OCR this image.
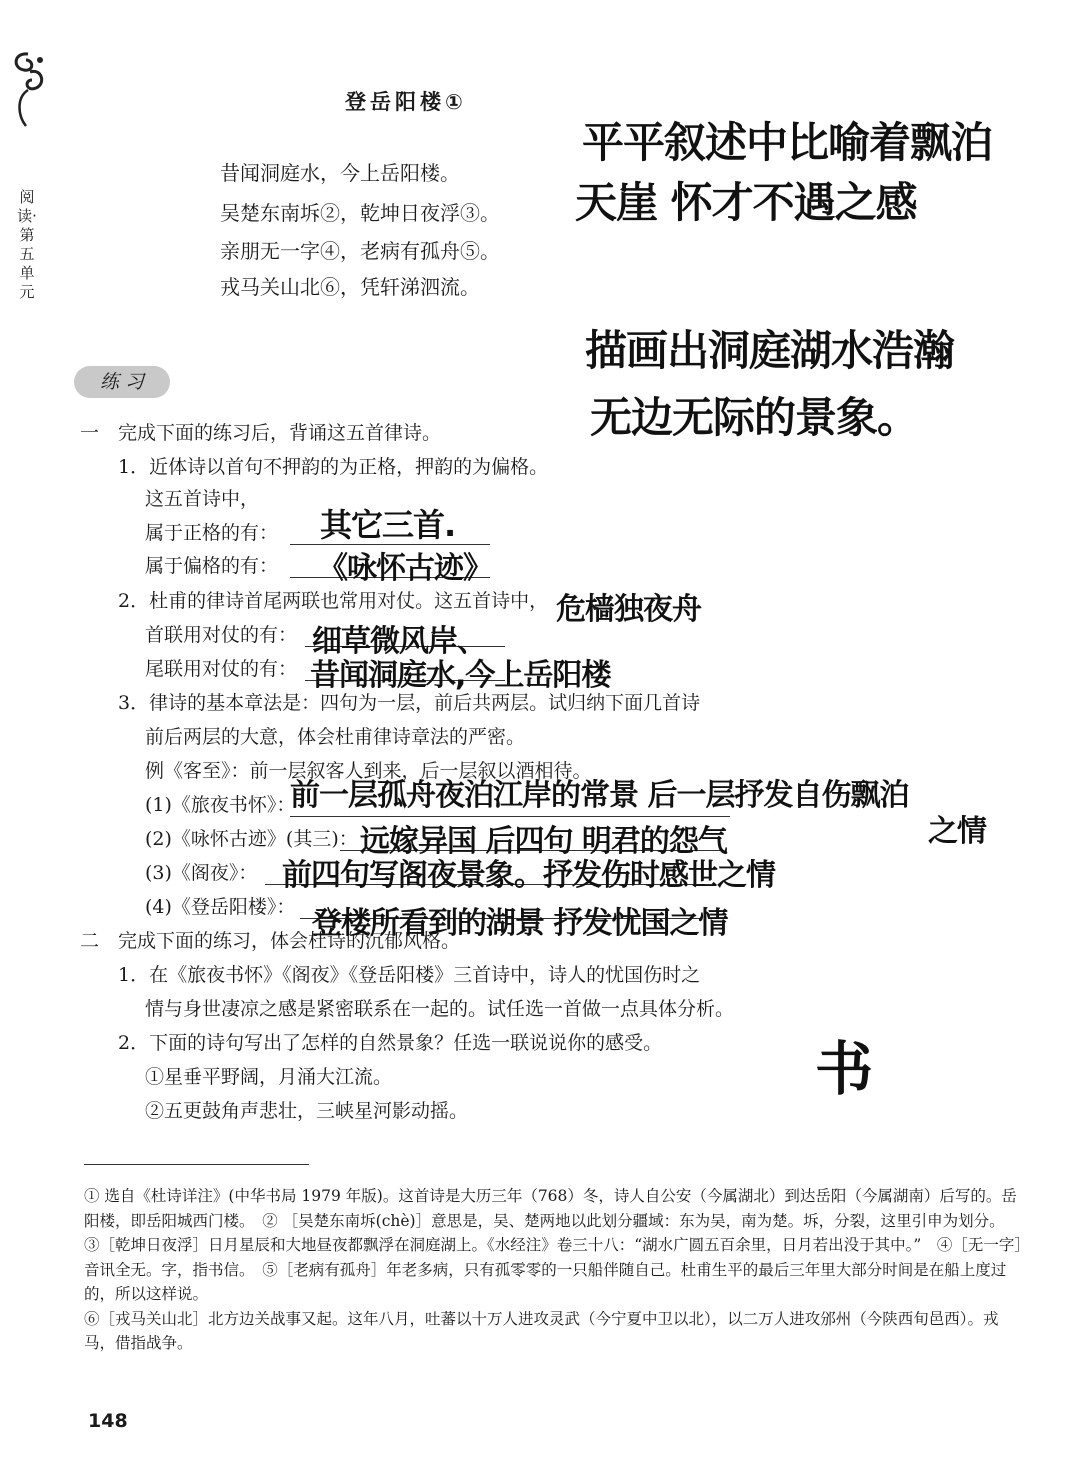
阅读·第五单元
登岳阳楼①
昔闻洞庭水，今上岳阳楼。
吴楚东南坼②，乾坤日夜浮③。
亲朋无一字④，老病有孤舟⑤。
戎马关山北⑥，凭轩涕泗流。
练 习
一　完成下面的练习后，背诵这五首律诗。
1．近体诗以首句不押韵的为正格，押韵的为偏格。
这五首诗中，
属于正格的有：
属于偏格的有：
2．杜甫的律诗首尾两联也常用对仗。这五首诗中，
首联用对仗的有：
尾联用对仗的有：
3．律诗的基本章法是：四句为一层，前后共两层。试归纳下面几首诗
前后两层的大意，体会杜甫律诗章法的严密。
例《客至》：前一层叙客人到来，后一层叙以酒相待。
(1)《旅夜书怀》：
(2)《咏怀古迹》(其三)：
(3)《阁夜》：
(4)《登岳阳楼》：
二　完成下面的练习，体会杜诗的沉郁风格。
1．在《旅夜书怀》《阁夜》《登岳阳楼》三首诗中，诗人的忧国伤时之
情与身世凄凉之感是紧密联系在一起的。试任选一首做一点具体分析。
2．下面的诗句写出了怎样的自然景象？任选一联说说你的感受。
①星垂平野阔，月涌大江流。
②五更鼓角声悲壮，三峡星河影动摇。
平平叙述中比喻着飘泊
天崖 怀才不遇之感
描画出洞庭湖水浩瀚
无边无际的景象。
其它三首.
《咏怀古迹》
危樯独夜舟
细草微风岸、
昔闻洞庭水,今上岳阳楼
前一层孤舟夜泊江岸的常景 后一层抒发自伤飘泊
之情
远嫁异国 后四句 明君的怨气
前四句写阁夜景象。抒发伤时感世之情
登楼所看到的湖景 抒发忧国之情
书

① 选自《杜诗详注》(中华书局 1979 年版)。这首诗是大历三年（768）冬，诗人自公安（今属湖北）到达岳阳（今属湖南）后写的。岳阳楼，即岳阳城西门楼。　② ［吴楚东南坼(chè)］意思是，吴、楚两地以此划分疆域：东为吴，南为楚。坼，分裂，这里引申为划分。　③［乾坤日夜浮］日月星辰和大地昼夜都飘浮在洞庭湖上。《水经注》卷三十八：“湖水广圆五百余里，日月若出没于其中。”　④［无一字］音讯全无。字，指书信。　⑤［老病有孤舟］年老多病，只有孤零零的一只船伴随自己。杜甫生平的最后三年里大部分时间是在船上度过的，所以这样说。

⑥［戎马关山北］北方边关战事又起。这年八月，吐蕃以十万人进攻灵武（今宁夏中卫以北），以二万人进攻邠州（今陕西旬邑西）。戎马，借指战争。

148
